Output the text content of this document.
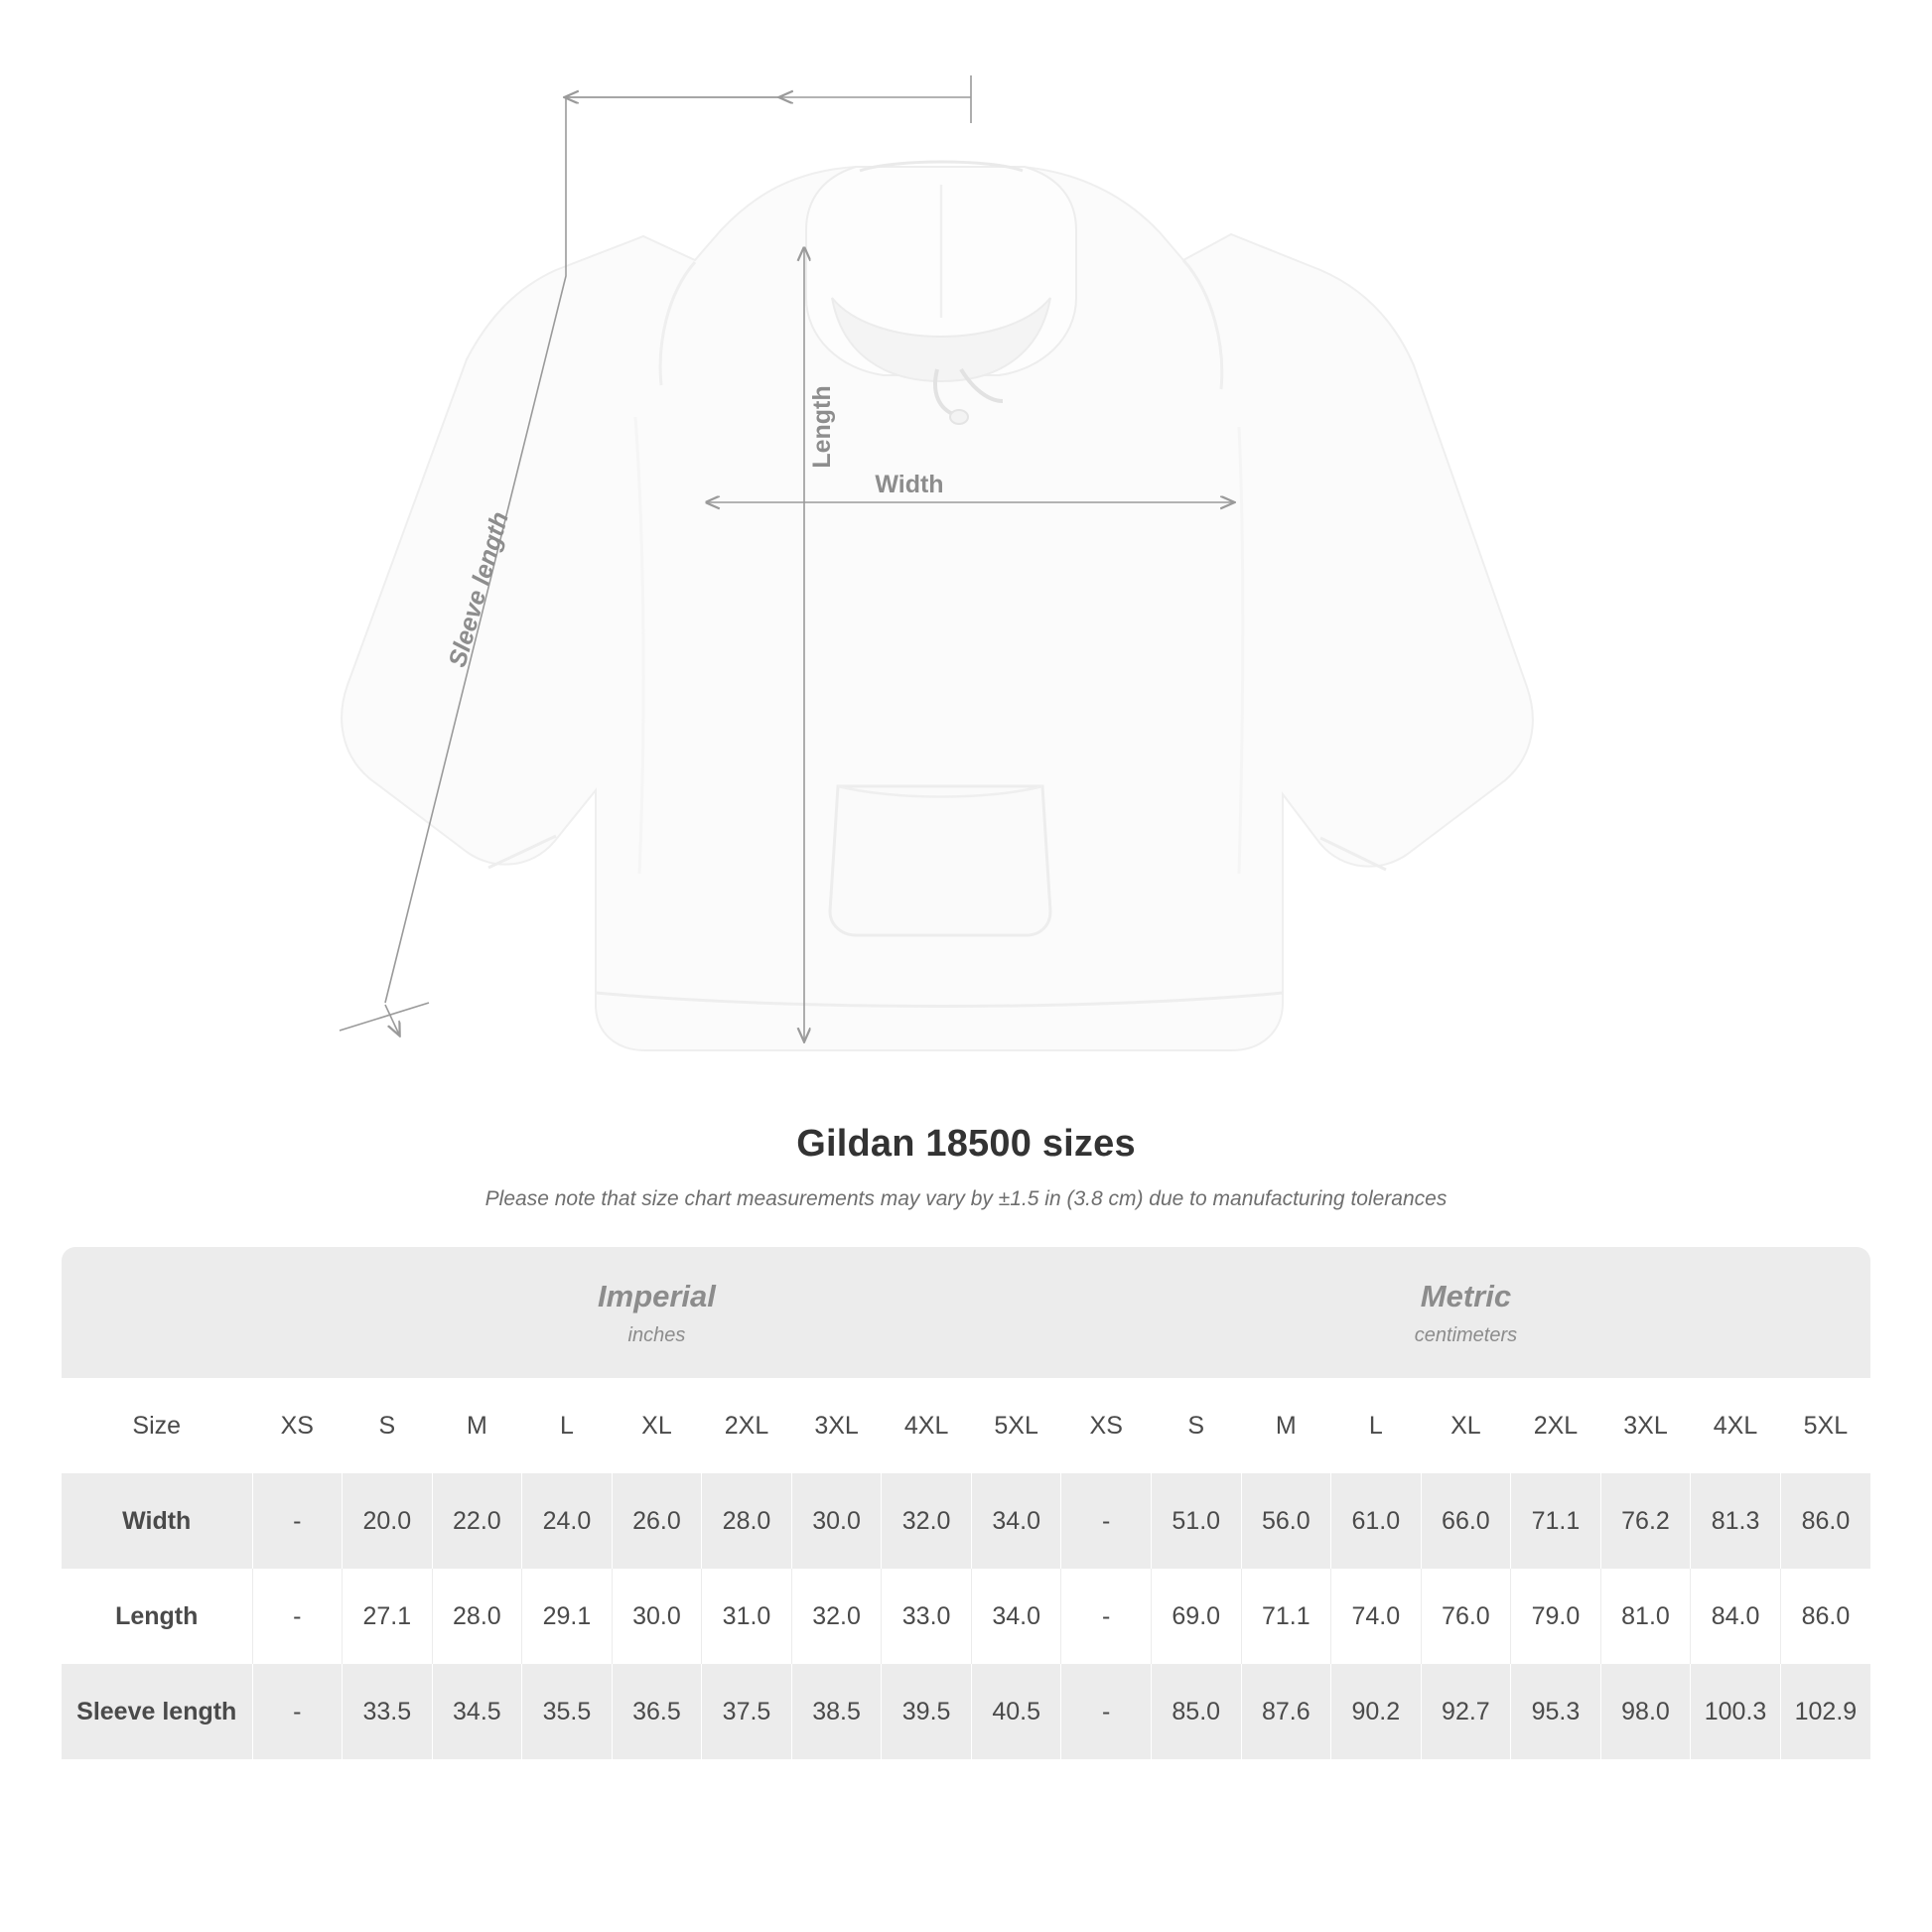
Sleeve length
Length
Width
Gildan 18500 sizes
Please note that size chart measurements may vary by ±1.5 in (3.8 cm) due to manufacturing tolerances

Imperial
inches

Metric
centimeters

Size	XS	S	M	L	XL	2XL	3XL	4XL	5XL	XS	S	M	L	XL	2XL	3XL	4XL	5XL
Width	-	20.0	22.0	24.0	26.0	28.0	30.0	32.0	34.0	-	51.0	56.0	61.0	66.0	71.1	76.2	81.3	86.0
Length	-	27.1	28.0	29.1	30.0	31.0	32.0	33.0	34.0	-	69.0	71.1	74.0	76.0	79.0	81.0	84.0	86.0
Sleeve length	-	33.5	34.5	35.5	36.5	37.5	38.5	39.5	40.5	-	85.0	87.6	90.2	92.7	95.3	98.0	100.3	102.9
